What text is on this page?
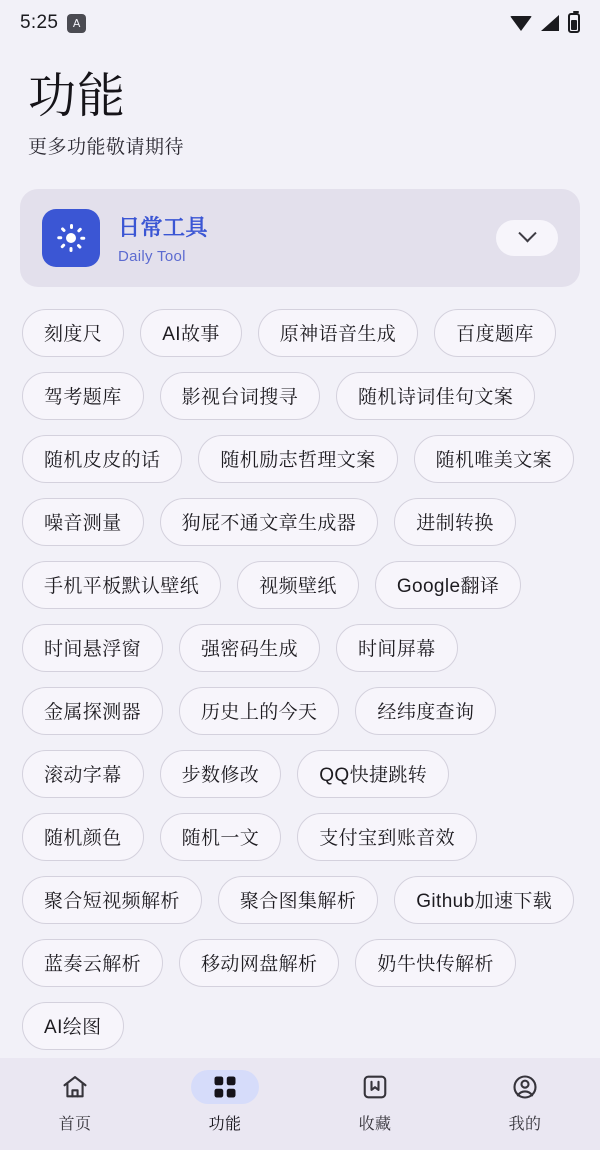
5:25	A
功能
更多功能敬请期待
日常工具
Daily Tool
刻度尺	AI故事	原神语音生成	百度题库
驾考题库	影视台词搜寻	随机诗词佳句文案
随机皮皮的话	随机励志哲理文案	随机唯美文案
噪音测量	狗屁不通文章生成器	进制转换
手机平板默认壁纸	视频壁纸	Google翻译
时间悬浮窗	强密码生成	时间屏幕
金属探测器	历史上的今天	经纬度查询
滚动字幕	步数修改	QQ快捷跳转
随机颜色	随机一文	支付宝到账音效
聚合短视频解析	聚合图集解析	Github加速下载
蓝奏云解析	移动网盘解析	奶牛快传解析
AI绘图
首页	功能	收藏	我的
